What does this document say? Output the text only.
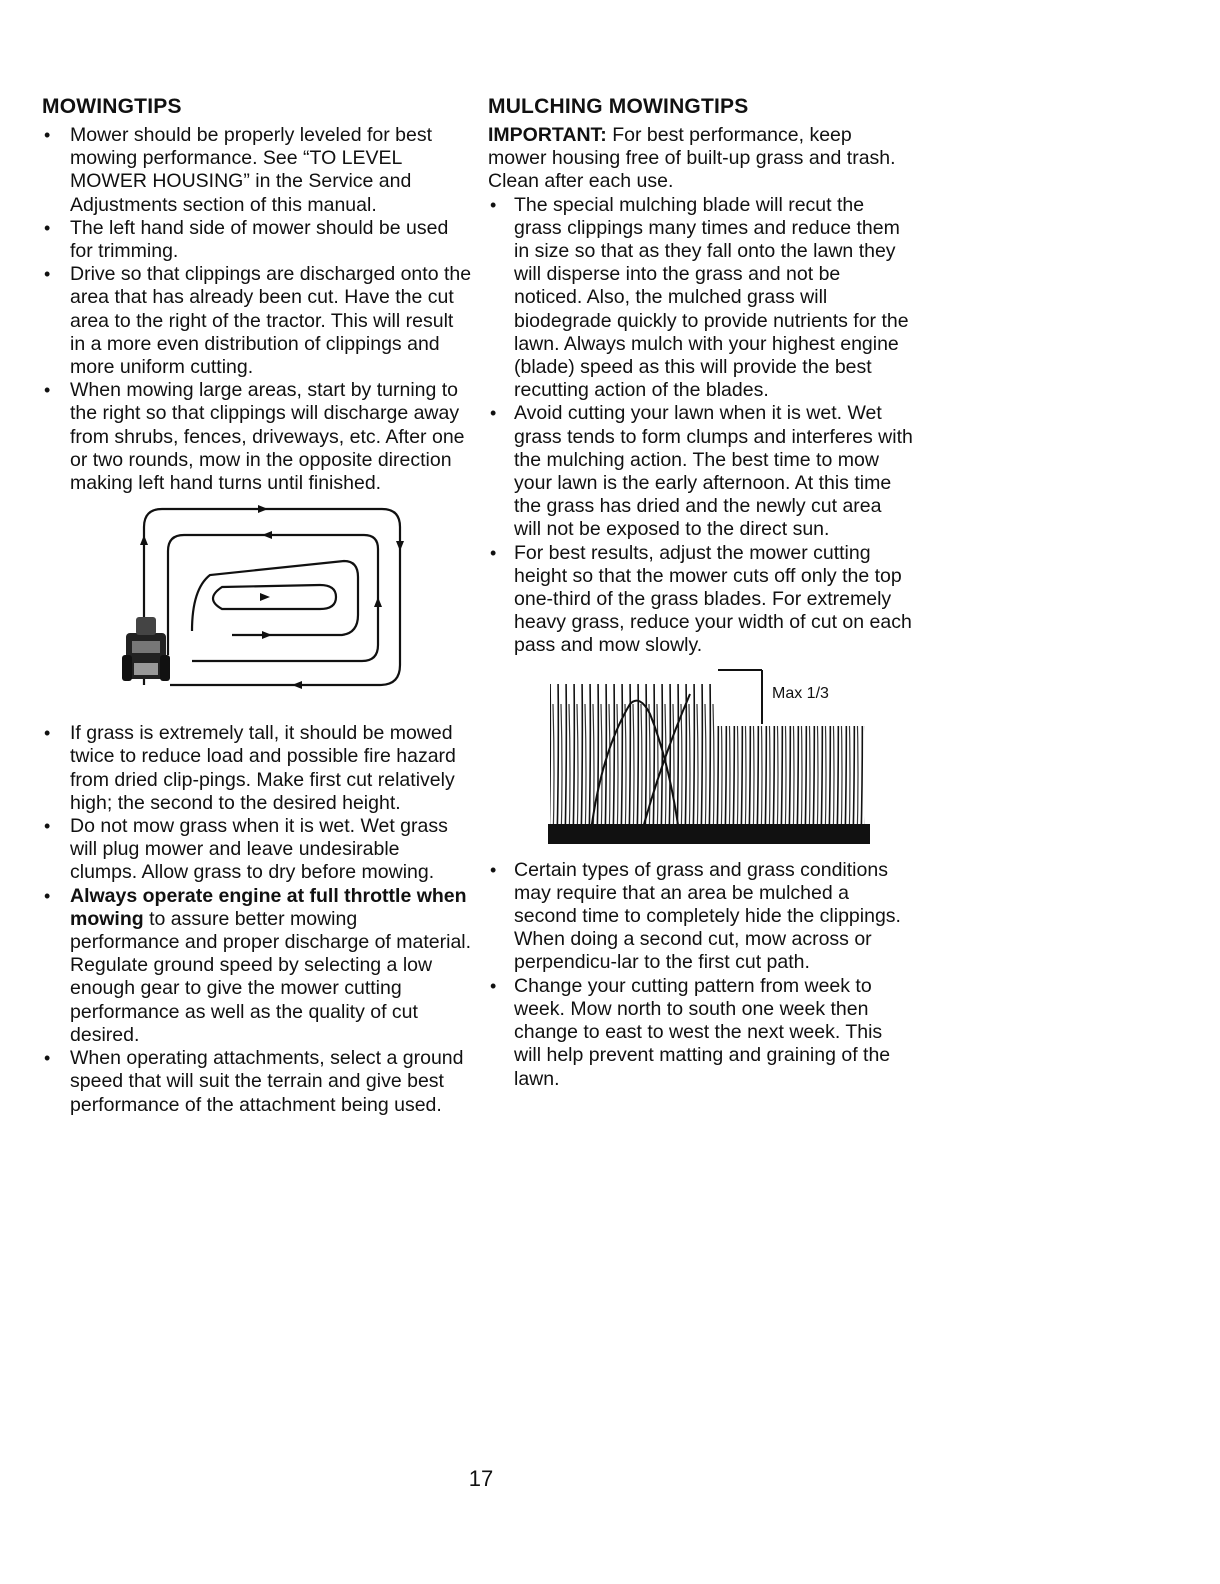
MOWINGTIPS
• Mower should be properly leveled for best mowing performance. See “TO LEVEL MOWER HOUSING” in the Service and Adjustments section of this manual.
• The left hand side of mower should be used for trimming.
• Drive so that clippings are discharged onto the area that has already been cut. Have the cut area to the right of the tractor. This will result in a more even distribution of clippings and more uniform cutting.
• When mowing large areas, start by turning to the right so that clippings will discharge away from shrubs, fences, driveways, etc. After one or two rounds, mow in the opposite direction making left hand turns until finished.
• If grass is extremely tall, it should be mowed twice to reduce load and possible fire hazard from dried clip-pings. Make first cut relatively high; the second to the desired height.
• Do not mow grass when it is wet. Wet grass will plug mower and leave undesirable clumps. Allow grass to dry before mowing.
• Always operate engine at full throttle when mowing to assure better mowing performance and proper discharge of material. Regulate ground speed by selecting a low enough gear to give the mower cutting performance as well as the quality of cut desired.
• When operating attachments, select a ground speed that will suit the terrain and give best performance of the attachment being used.
MULCHING MOWINGTIPS

IMPORTANT: For best performance, keep mower housing free of built-up grass and trash. Clean after each use.

• The special mulching blade will recut the grass clippings many times and reduce them in size so that as they fall onto the lawn they will disperse into the grass and not be noticed. Also, the mulched grass will biodegrade quickly to provide nutrients for the lawn. Always mulch with your highest engine (blade) speed as this will provide the best recutting action of the blades.
• Avoid cutting your lawn when it is wet. Wet grass tends to form clumps and interferes with the mulching action. The best time to mow your lawn is the early afternoon. At this time the grass has dried and the newly cut area will not be exposed to the direct sun.
• For best results, adjust the mower cutting height so that the mower cuts off only the top one-third of the grass blades. For extremely heavy grass, reduce your width of cut on each pass and mow slowly.
Max 1/3
• Certain types of grass and grass conditions may require that an area be mulched a second time to completely hide the clippings. When doing a second cut, mow across or perpendicu-lar to the first cut path.
• Change your cutting pattern from week to week. Mow north to south one week then change to east to west the next week. This will help prevent matting and graining of the lawn.
17
